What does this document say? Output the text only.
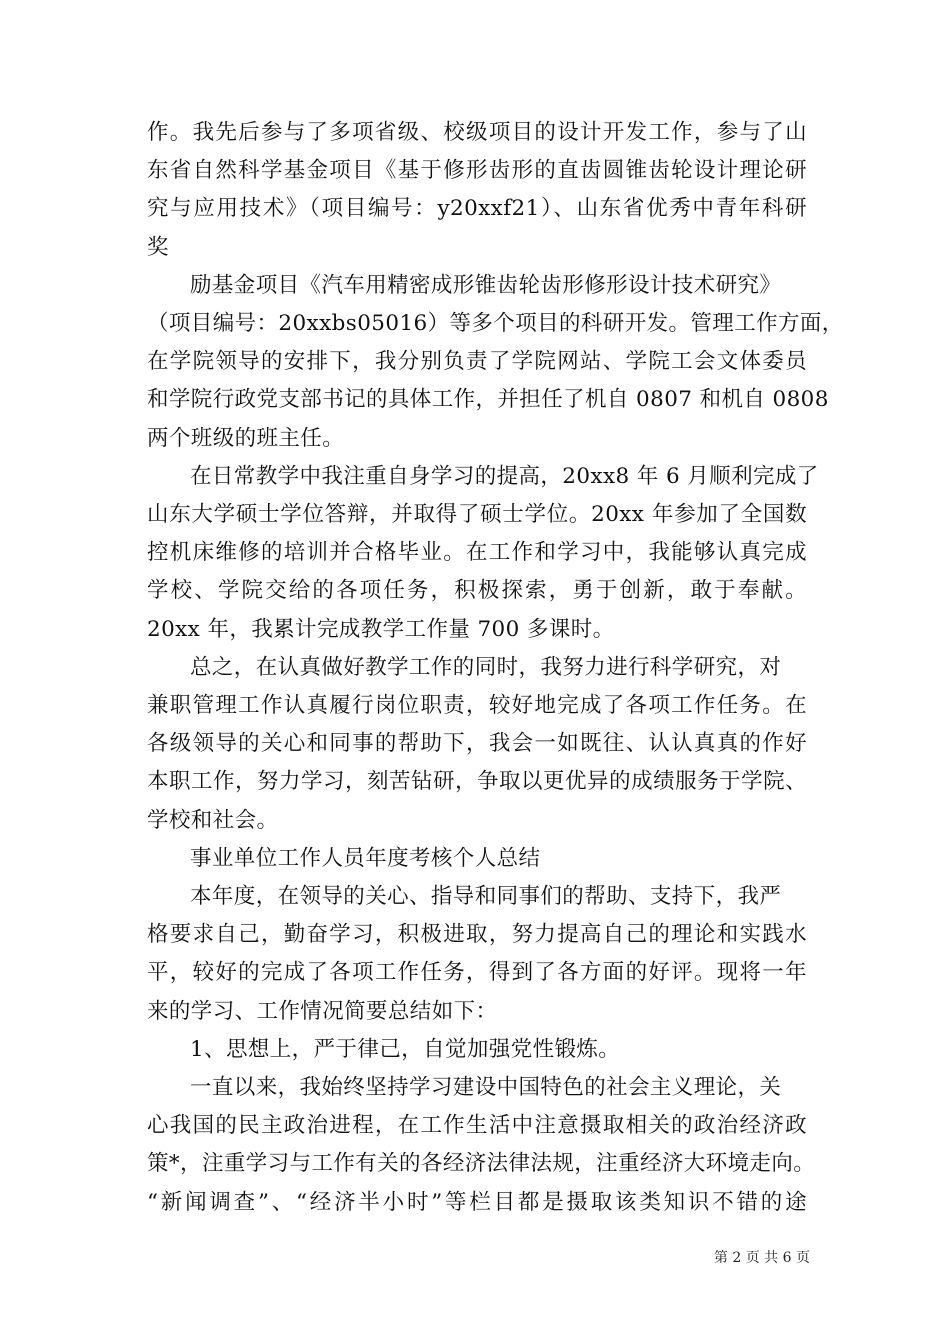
作。我先后参与了多项省级、校级项目的设计开发工作，参与了山
东省自然科学基金项目《基于修形齿形的直齿圆锥齿轮设计理论研
究与应用技术》（项目编号：y20xxf21）、山东省优秀中青年科研
奖
励基金项目《汽车用精密成形锥齿轮齿形修形设计技术研究》
（项目编号：20xxbs05016）等多个项目的科研开发。管理工作方面，
在学院领导的安排下，我分别负责了学院网站、学院工会文体委员
和学院行政党支部书记的具体工作，并担任了机自 0807 和机自 0808
两个班级的班主任。
在日常教学中我注重自身学习的提高，20xx8 年 6 月顺利完成了
山东大学硕士学位答辩，并取得了硕士学位。20xx 年参加了全国数
控机床维修的培训并合格毕业。在工作和学习中，我能够认真完成
学校、学院交给的各项任务，积极探索，勇于创新，敢于奉献。
20xx 年，我累计完成教学工作量 700 多课时。
总之，在认真做好教学工作的同时，我努力进行科学研究，对
兼职管理工作认真履行岗位职责，较好地完成了各项工作任务。在
各级领导的关心和同事的帮助下，我会一如既往、认认真真的作好
本职工作，努力学习，刻苦钻研，争取以更优异的成绩服务于学院、
学校和社会。
事业单位工作人员年度考核个人总结
本年度，在领导的关心、指导和同事们的帮助、支持下，我严
格要求自己，勤奋学习，积极进取，努力提高自己的理论和实践水
平，较好的完成了各项工作任务，得到了各方面的好评。现将一年
来的学习、工作情况简要总结如下：
1、思想上，严于律己，自觉加强党性锻炼。
一直以来，我始终坚持学习建设中国特色的社会主义理论，关
心我国的民主政治进程，在工作生活中注意摄取相关的政治经济政
策*，注重学习与工作有关的各经济法律法规，注重经济大环境走向。
“新闻调查”、“经济半小时”等栏目都是摄取该类知识不错的途
第 2 页 共 6 页
